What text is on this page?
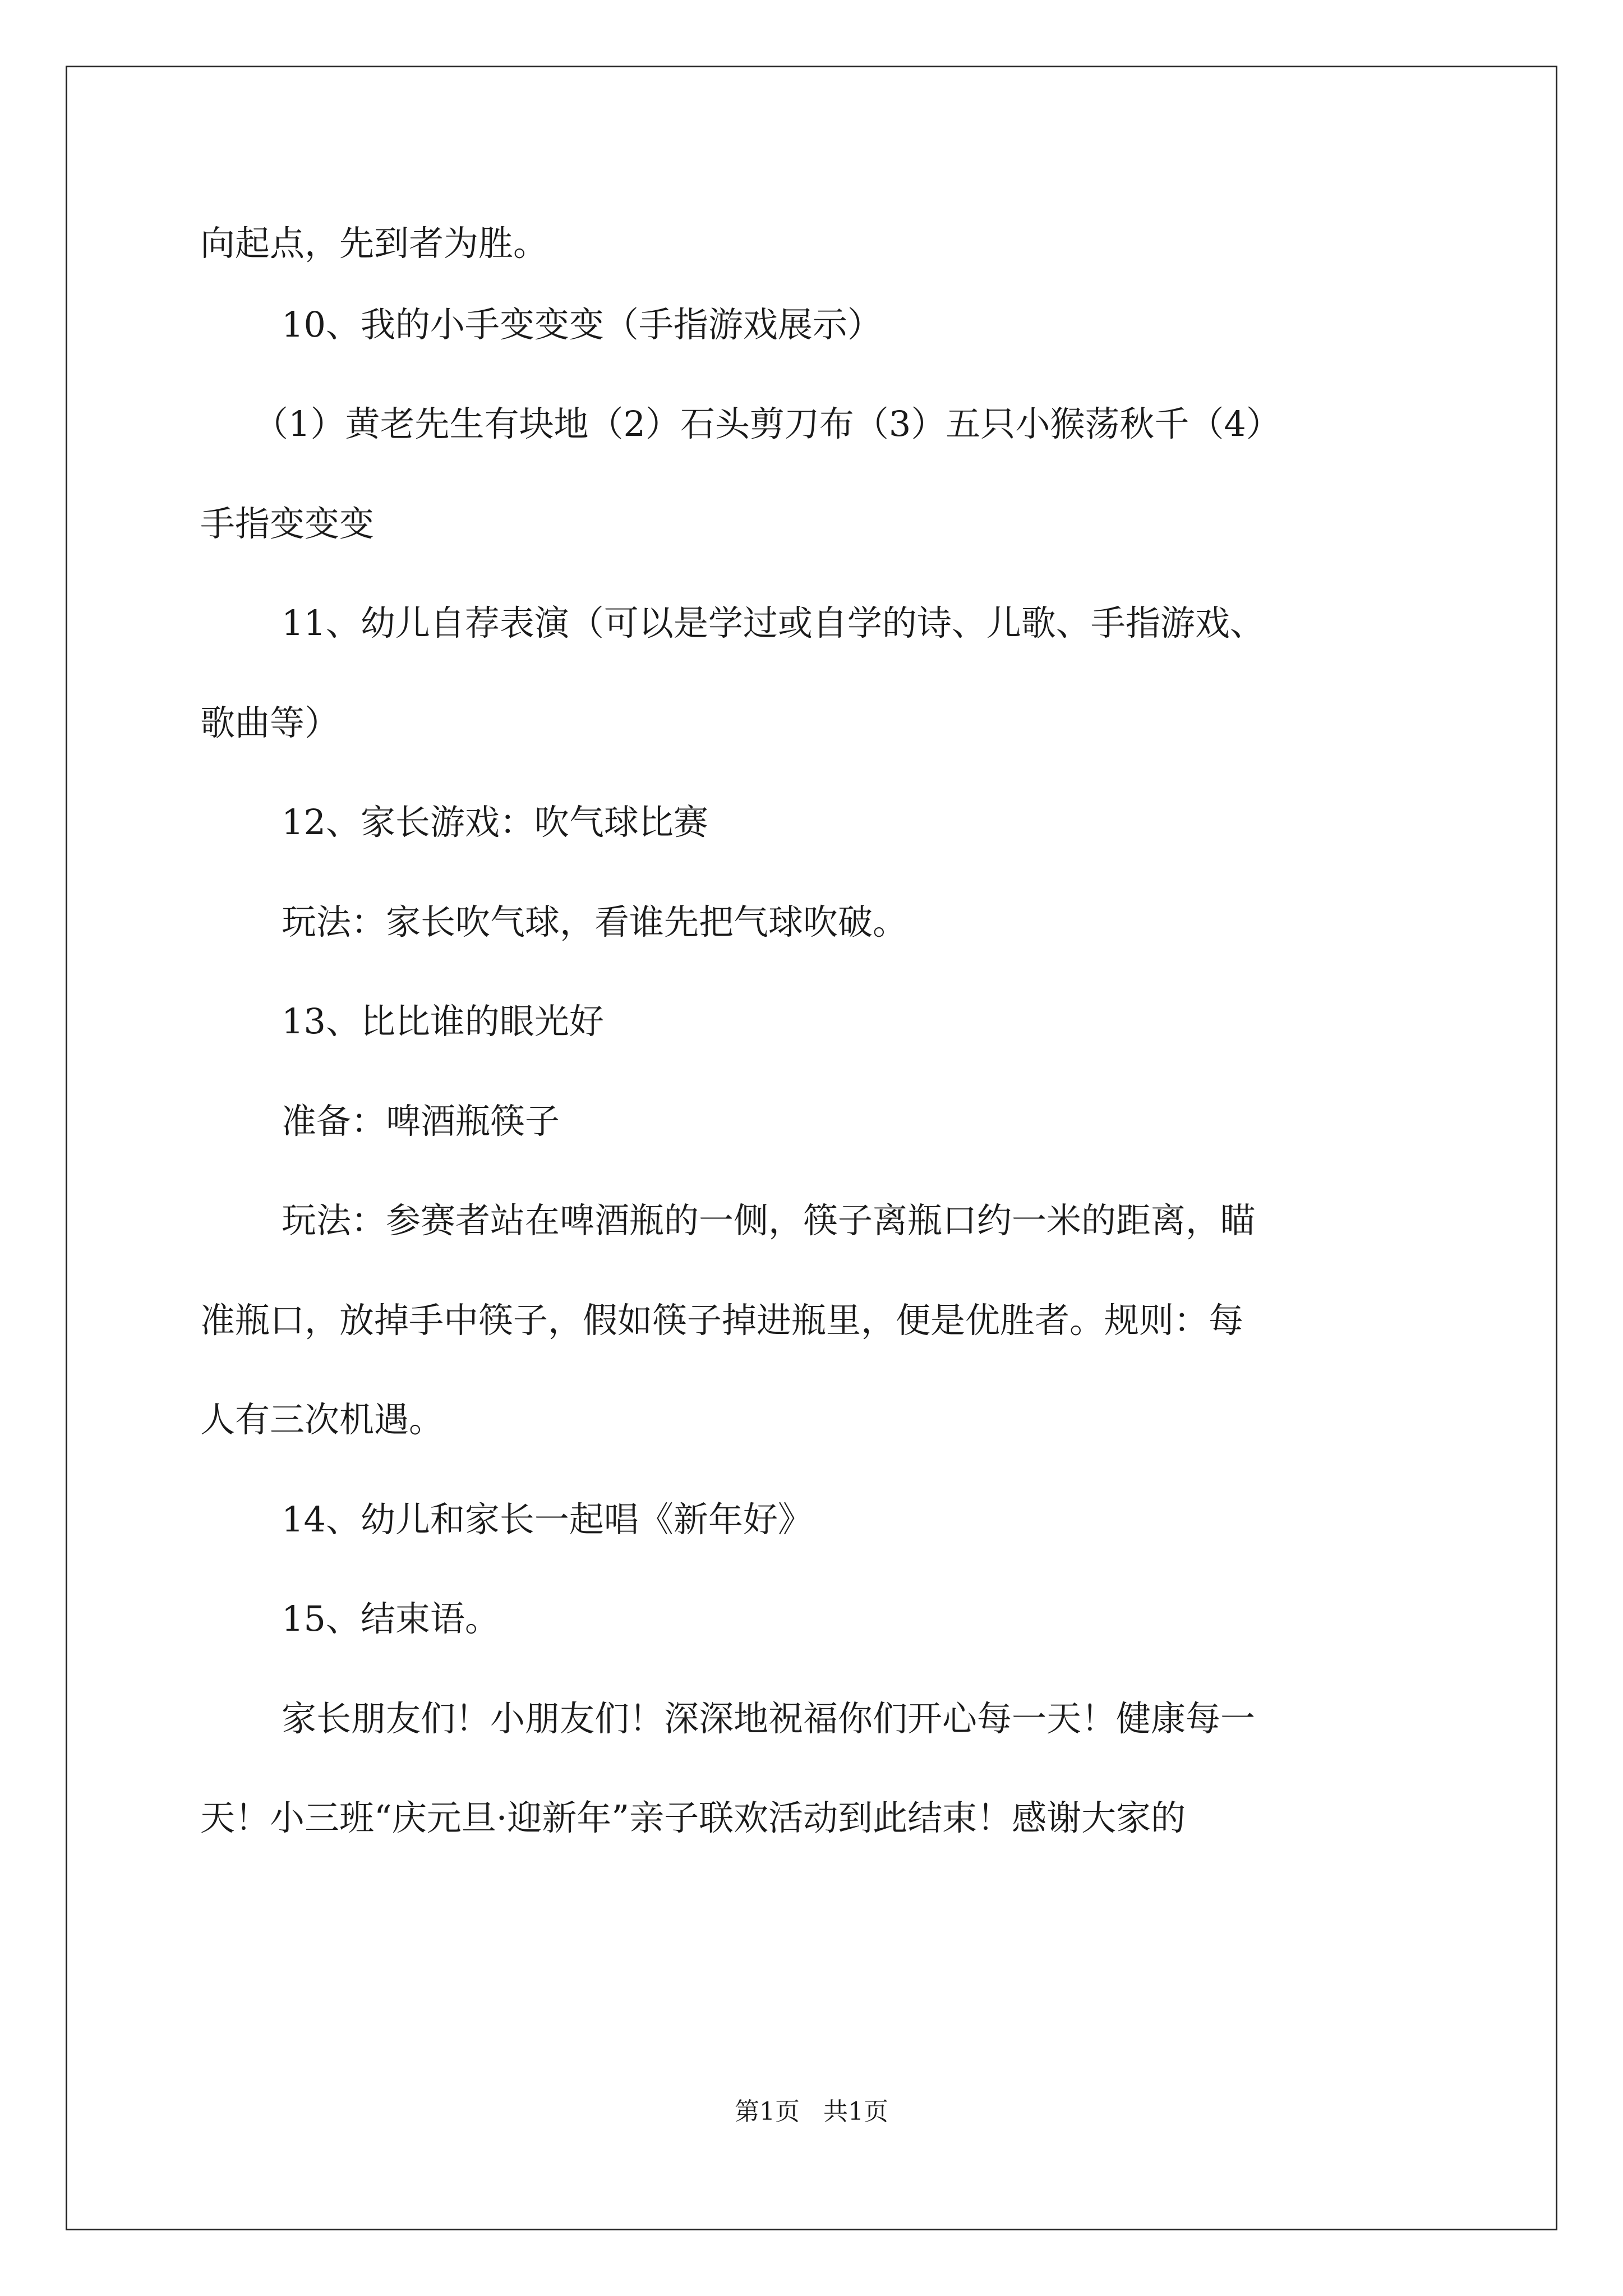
向起点，先到者为胜。
10、我的小手变变变（手指游戏展示）
（1）黄老先生有块地（2）石头剪刀布（3）五只小猴荡秋千（4）
手指变变变
11、幼儿自荐表演（可以是学过或自学的诗、儿歌、手指游戏、
歌曲等）
12、家长游戏：吹气球比赛
玩法：家长吹气球，看谁先把气球吹破。
13、比比谁的眼光好
准备：啤酒瓶筷子
玩法：参赛者站在啤酒瓶的一侧，筷子离瓶口约一米的距离，瞄
准瓶口，放掉手中筷子，假如筷子掉进瓶里，便是优胜者。规则：每
人有三次机遇。
14、幼儿和家长一起唱《新年好》
15、结束语。
家长朋友们！小朋友们！深深地祝福你们开心每一天！健康每一
天！小三班“庆元旦·迎新年”亲子联欢活动到此结束！感谢大家的
第1页   共1页
